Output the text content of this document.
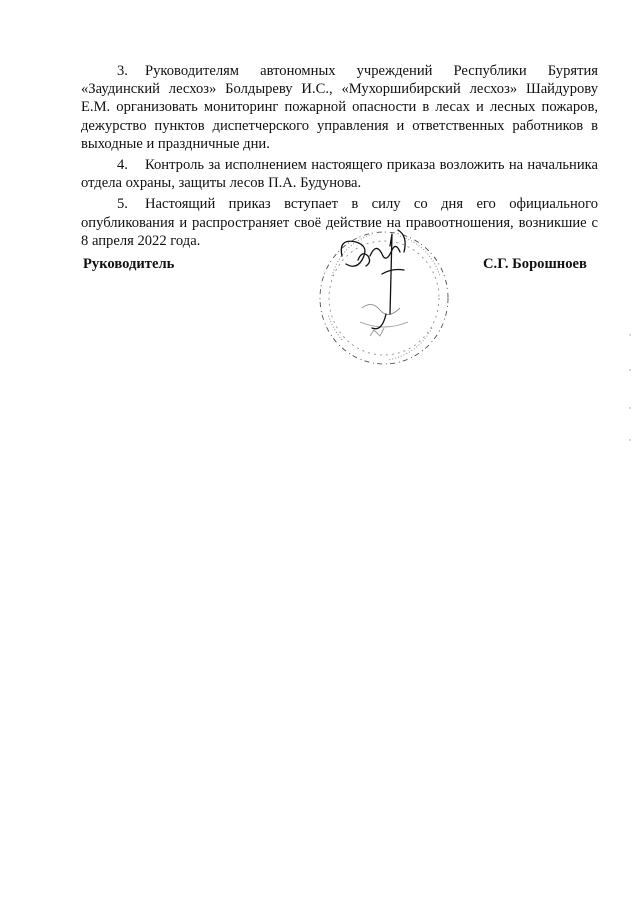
3. Руководителям автономных учреждений Республики Бурятия «Заудинский лесхоз» Болдыреву И.С., «Мухоршибирский лесхоз» Шайдурову Е.М. организовать мониторинг пожарной опасности в лесах и лесных пожаров, дежурство пунктов диспетчерского управления и ответственных работников в выходные и праздничные дни.

4. Контроль за исполнением настоящего приказа возложить на начальника отдела охраны, защиты лесов П.А. Будунова.

5. Настоящий приказ вступает в силу со дня его официального опубликования и распространяет своё действие на правоотношения, возникшие с 8 апреля 2022 года.

Руководитель	С.Г. Борошноев
